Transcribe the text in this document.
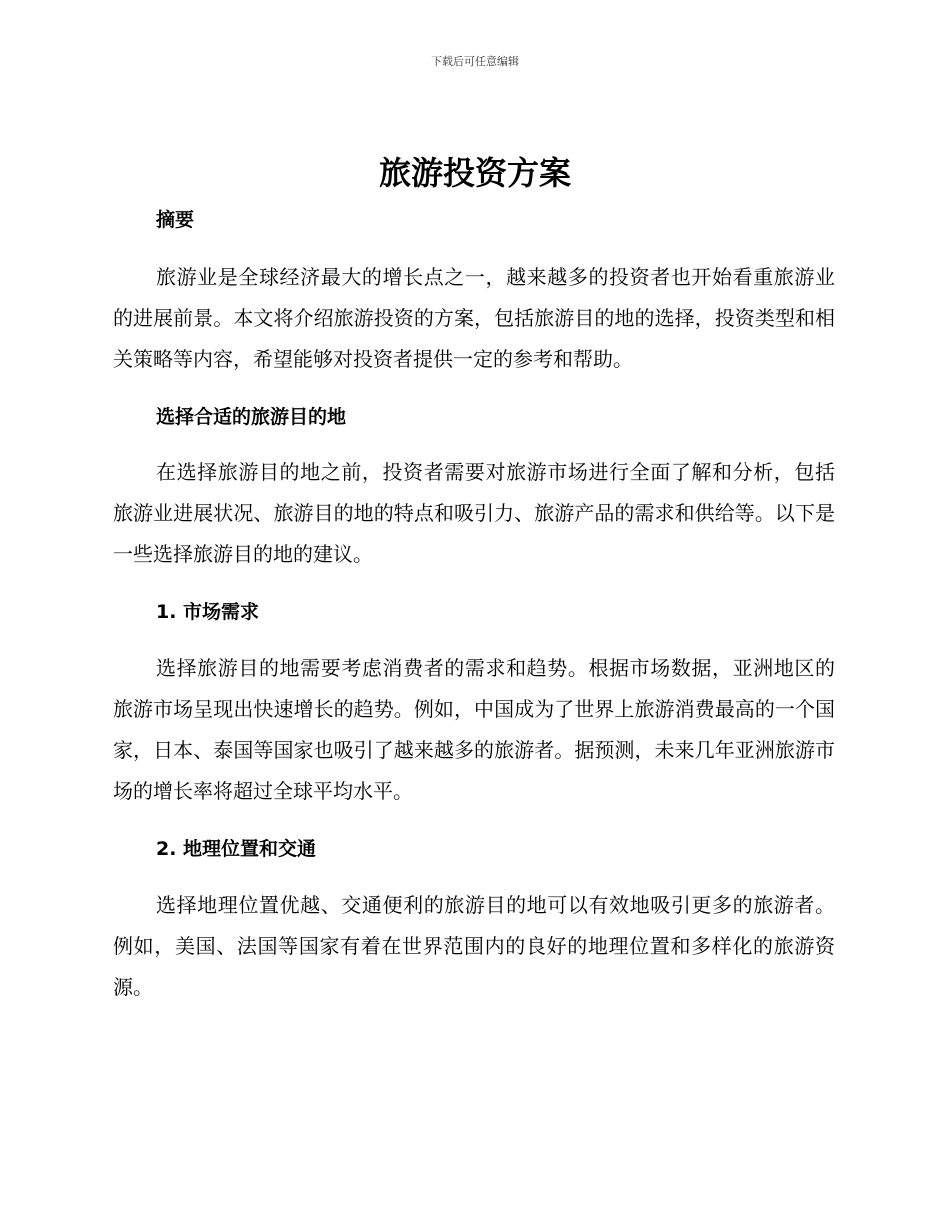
下载后可任意编辑
旅游投资方案
摘要

旅游业是全球经济最大的增长点之一，越来越多的投资者也开始看重旅游业的进展前景。本文将介绍旅游投资的方案，包括旅游目的地的选择，投资类型和相关策略等内容，希望能够对投资者提供一定的参考和帮助。

选择合适的旅游目的地

在选择旅游目的地之前，投资者需要对旅游市场进行全面了解和分析，包括旅游业进展状况、旅游目的地的特点和吸引力、旅游产品的需求和供给等。以下是一些选择旅游目的地的建议。

1. 市场需求

选择旅游目的地需要考虑消费者的需求和趋势。根据市场数据，亚洲地区的旅游市场呈现出快速增长的趋势。例如，中国成为了世界上旅游消费最高的一个国家，日本、泰国等国家也吸引了越来越多的旅游者。据预测，未来几年亚洲旅游市场的增长率将超过全球平均水平。

2. 地理位置和交通

选择地理位置优越、交通便利的旅游目的地可以有效地吸引更多的旅游者。例如，美国、法国等国家有着在世界范围内的良好的地理位置和多样化的旅游资源。
